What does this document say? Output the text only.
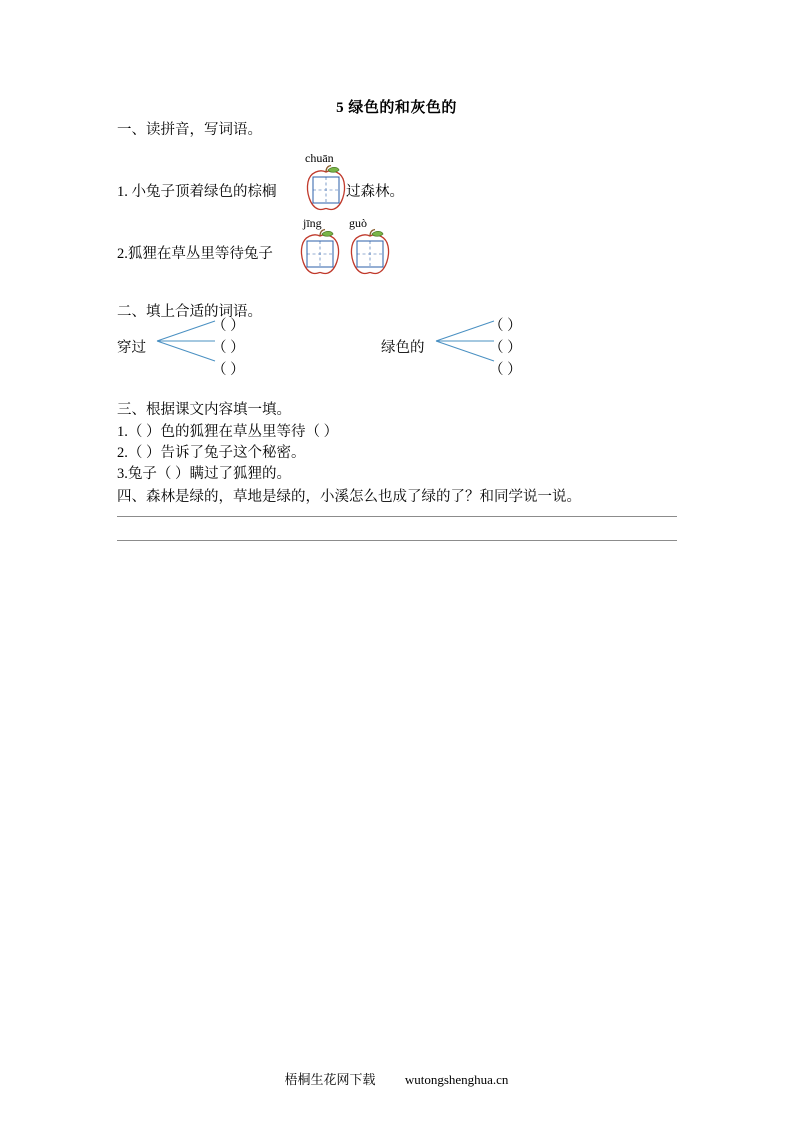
5 绿色的和灰色的
一、读拼音，写词语。
chuān
1. 小兔子顶着绿色的棕榈	过森林。
jīng guò
2.狐狸在草丛里等待兔子
二、填上合适的词语。
穿过
（ ）
（ ）
（ ）
绿色的
（ ）
（ ）
（ ）
三、根据课文内容填一填。
1.（ ）色的狐狸在草丛里等待（ ）
2.（ ）告诉了兔子这个秘密。
3.兔子（ ）瞒过了狐狸的。
四、森林是绿的，草地是绿的，小溪怎么也成了绿的了？和同学说一说。
梧桐生花网下载 wutongshenghua.cn
